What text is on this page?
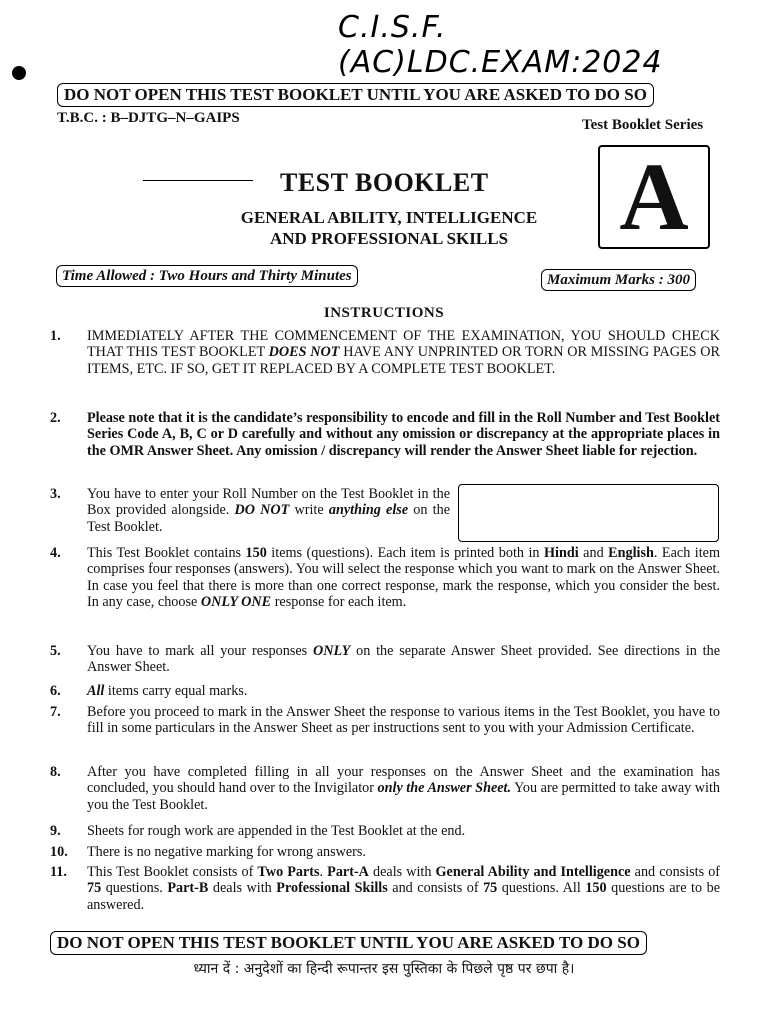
C.I.S.F.(AC)LDC.EXAM:2024
DO NOT OPEN THIS TEST BOOKLET UNTIL YOU ARE ASKED TO DO SO
T.B.C. : B–DJTG–N–GAIPS	Test Booklet Series
A
TEST BOOKLET
GENERAL ABILITY, INTELLIGENCE
AND PROFESSIONAL SKILLS
Time Allowed : Two Hours and Thirty Minutes	Maximum Marks : 300
INSTRUCTIONS
1.	IMMEDIATELY AFTER THE COMMENCEMENT OF THE EXAMINATION, YOU SHOULD CHECK THAT THIS TEST BOOKLET DOES NOT HAVE ANY UNPRINTED OR TORN OR MISSING PAGES OR ITEMS, ETC. IF SO, GET IT REPLACED BY A COMPLETE TEST BOOKLET.
2.	Please note that it is the candidate’s responsibility to encode and fill in the Roll Number and Test Booklet Series Code A, B, C or D carefully and without any omission or discrepancy at the appropriate places in the OMR Answer Sheet. Any omission / discrepancy will render the Answer Sheet liable for rejection.
3.	You have to enter your Roll Number on the Test Booklet in the Box provided alongside. DO NOT write anything else on the Test Booklet.
4.	This Test Booklet contains 150 items (questions). Each item is printed both in Hindi and English. Each item comprises four responses (answers). You will select the response which you want to mark on the Answer Sheet. In case you feel that there is more than one correct response, mark the response, which you consider the best. In any case, choose ONLY ONE response for each item.
5.	You have to mark all your responses ONLY on the separate Answer Sheet provided. See directions in the Answer Sheet.
6.	All items carry equal marks.
7.	Before you proceed to mark in the Answer Sheet the response to various items in the Test Booklet, you have to fill in some particulars in the Answer Sheet as per instructions sent to you with your Admission Certificate.
8.	After you have completed filling in all your responses on the Answer Sheet and the examination has concluded, you should hand over to the Invigilator only the Answer Sheet. You are permitted to take away with you the Test Booklet.
9.	Sheets for rough work are appended in the Test Booklet at the end.
10.	There is no negative marking for wrong answers.
11.	This Test Booklet consists of Two Parts. Part-A deals with General Ability and Intelligence and consists of 75 questions. Part-B deals with Professional Skills and consists of 75 questions. All 150 questions are to be answered.
DO NOT OPEN THIS TEST BOOKLET UNTIL YOU ARE ASKED TO DO SO
ध्यान दें : अनुदेशों का हिन्दी रूपान्तर इस पुस्तिका के पिछले पृष्ठ पर छपा है।
